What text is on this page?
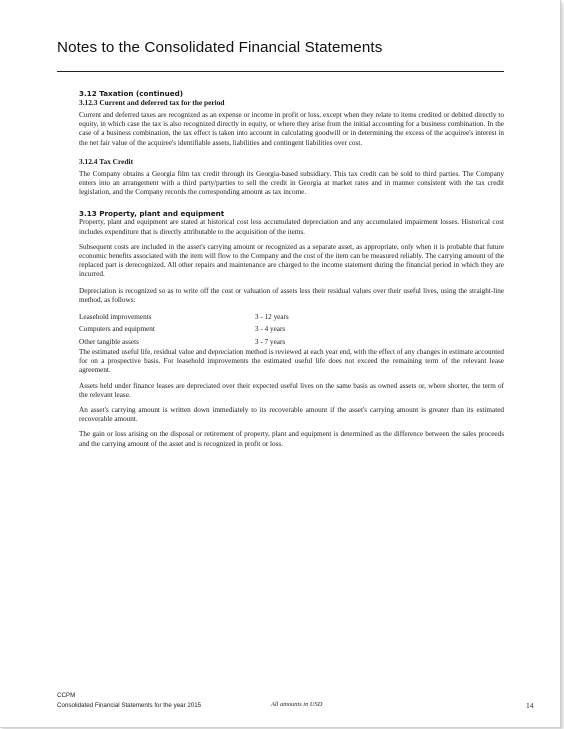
Notes to the Consolidated Financial Statements
3.12 Taxation (continued)
3.12.3 Current and deferred tax for the period

Current and deferred taxes are recognized as an expense or income in profit or loss, except when they relate to items credited or debited directly to equity, in which case the tax is also recognized directly in equity, or where they arise from the initial accounting for a business combination. In the case of a business combination, the tax effect is taken into account in calculating goodwill or in determining the excess of the acquiree's interest in the net fair value of the acquiree's identifiable assets, liabilities and contingent liabilities over cost.

3.12.4 Tax Credit

The Company obtains a Georgia film tax credit through its Georgia-based subsidiary. This tax credit can be sold to third parties. The Company enters into an arrangement with a third party/parties to sell the credit in Georgia at market rates and in manner consistent with the tax credit legislation, and the Company records the corresponding amount as tax income.

3.13 Property, plant and equipment

Property, plant and equipment are stated at historical cost less accumulated depreciation and any accumulated impairment losses. Historical cost includes expenditure that is directly attributable to the acquisition of the items.

Subsequent costs are included in the asset's carrying amount or recognized as a separate asset, as appropriate, only when it is probable that future economic benefits associated with the item will flow to the Company and the cost of the item can be measured reliably. The carrying amount of the replaced part is derecognized. All other repairs and maintenance are charged to the income statement during the financial period in which they are incurred.

Depreciation is recognized so as to write off the cost or valuation of assets less their residual values over their useful lives, using the straight-line method, as follows:

Leasehold improvements	3 - 12 years
Computers and equipment	3 - 4 years
Other tangible assets	3 - 7 years

The estimated useful life, residual value and depreciation method is reviewed at each year end, with the effect of any changes in estimate accounted for on a prospective basis. For leasehold improvements the estimated useful life does not exceed the remaining term of the relevant lease agreement.

Assets held under finance leases are depreciated over their expected useful lives on the same basis as owned assets or, where shorter, the term of the relevant lease.

An asset's carrying amount is written down immediately to its recoverable amount if the asset's carrying amount is greater than its estimated recoverable amount.

The gain or loss arising on the disposal or retirement of property, plant and equipment is determined as the difference between the sales proceeds and the carrying amount of the asset and is recognized in profit or loss.

CCPM
Consolidated Financial Statements for the year 2015	All amounts in USD	14
